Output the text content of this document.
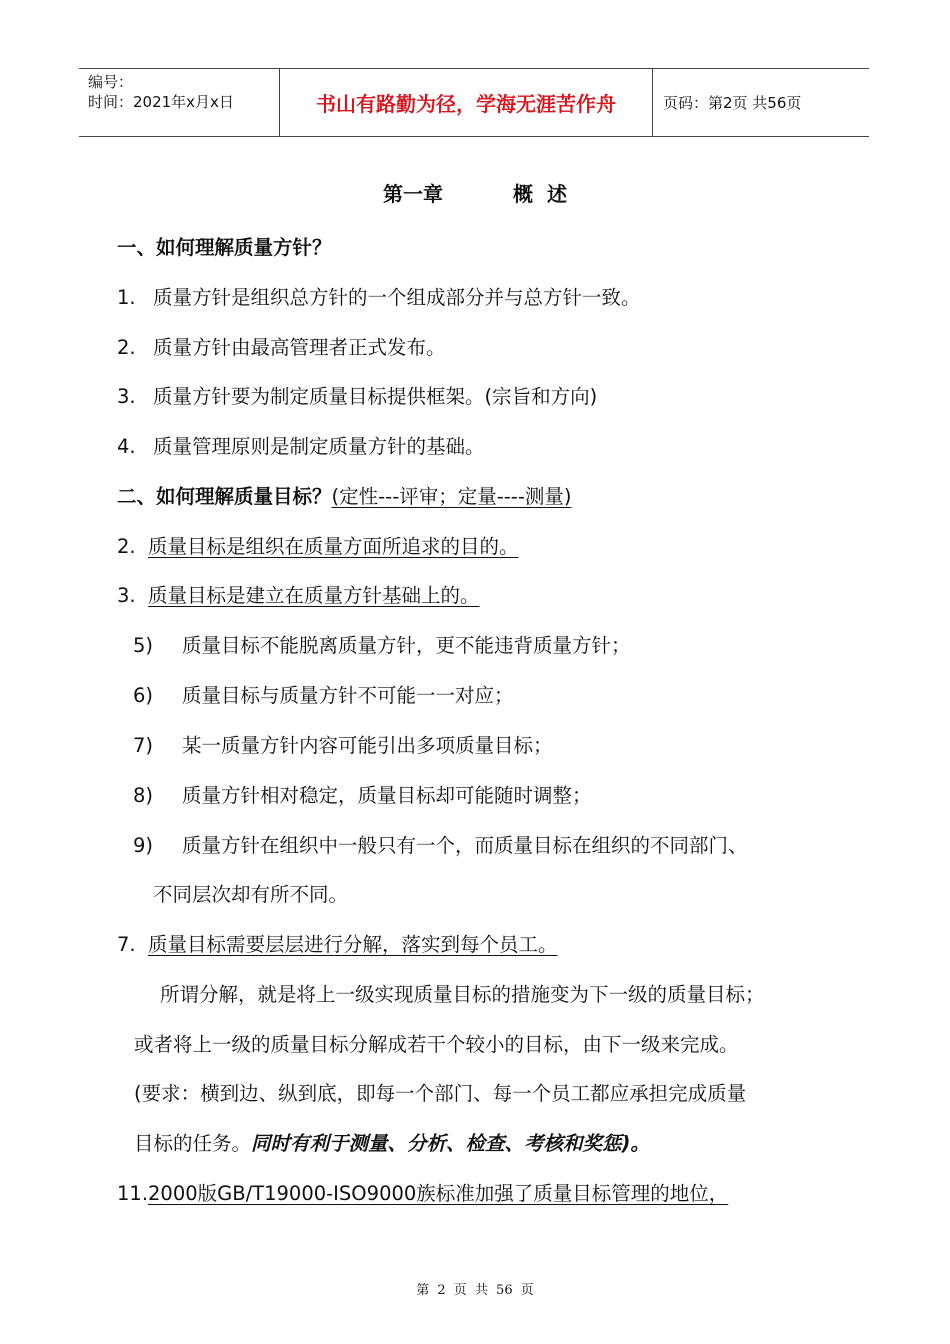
编号：
时间：2021年x月x日	书山有路勤为径，学海无涯苦作舟	页码：第2页 共56页
第一章	概  述
一、如何理解质量方针？
1. 质量方针是组织总方针的一个组成部分并与总方针一致。
2. 质量方针由最高管理者正式发布。
3. 质量方针要为制定质量目标提供框架。(宗旨和方向)
4. 质量管理原则是制定质量方针的基础。
二、如何理解质量目标？(定性---评审；定量----测量)
2. 质量目标是组织在质量方面所追求的目的。
3. 质量目标是建立在质量方针基础上的。
5) 质量目标不能脱离质量方针，更不能违背质量方针；
6) 质量目标与质量方针不可能一一对应；
7) 某一质量方针内容可能引出多项质量目标；
8) 质量方针相对稳定，质量目标却可能随时调整；
9) 质量方针在组织中一般只有一个，而质量目标在组织的不同部门、
不同层次却有所不同。
7. 质量目标需要层层进行分解，落实到每个员工。
所谓分解，就是将上一级实现质量目标的措施变为下一级的质量目标；
或者将上一级的质量目标分解成若干个较小的目标，由下一级来完成。
(要求：横到边、纵到底，即每一个部门、每一个员工都应承担完成质量
目标的任务。同时有利于测量、分析、检查、考核和奖惩)。
11.2000版GB/T19000-ISO9000族标准加强了质量目标管理的地位，
第 2 页 共 56 页
